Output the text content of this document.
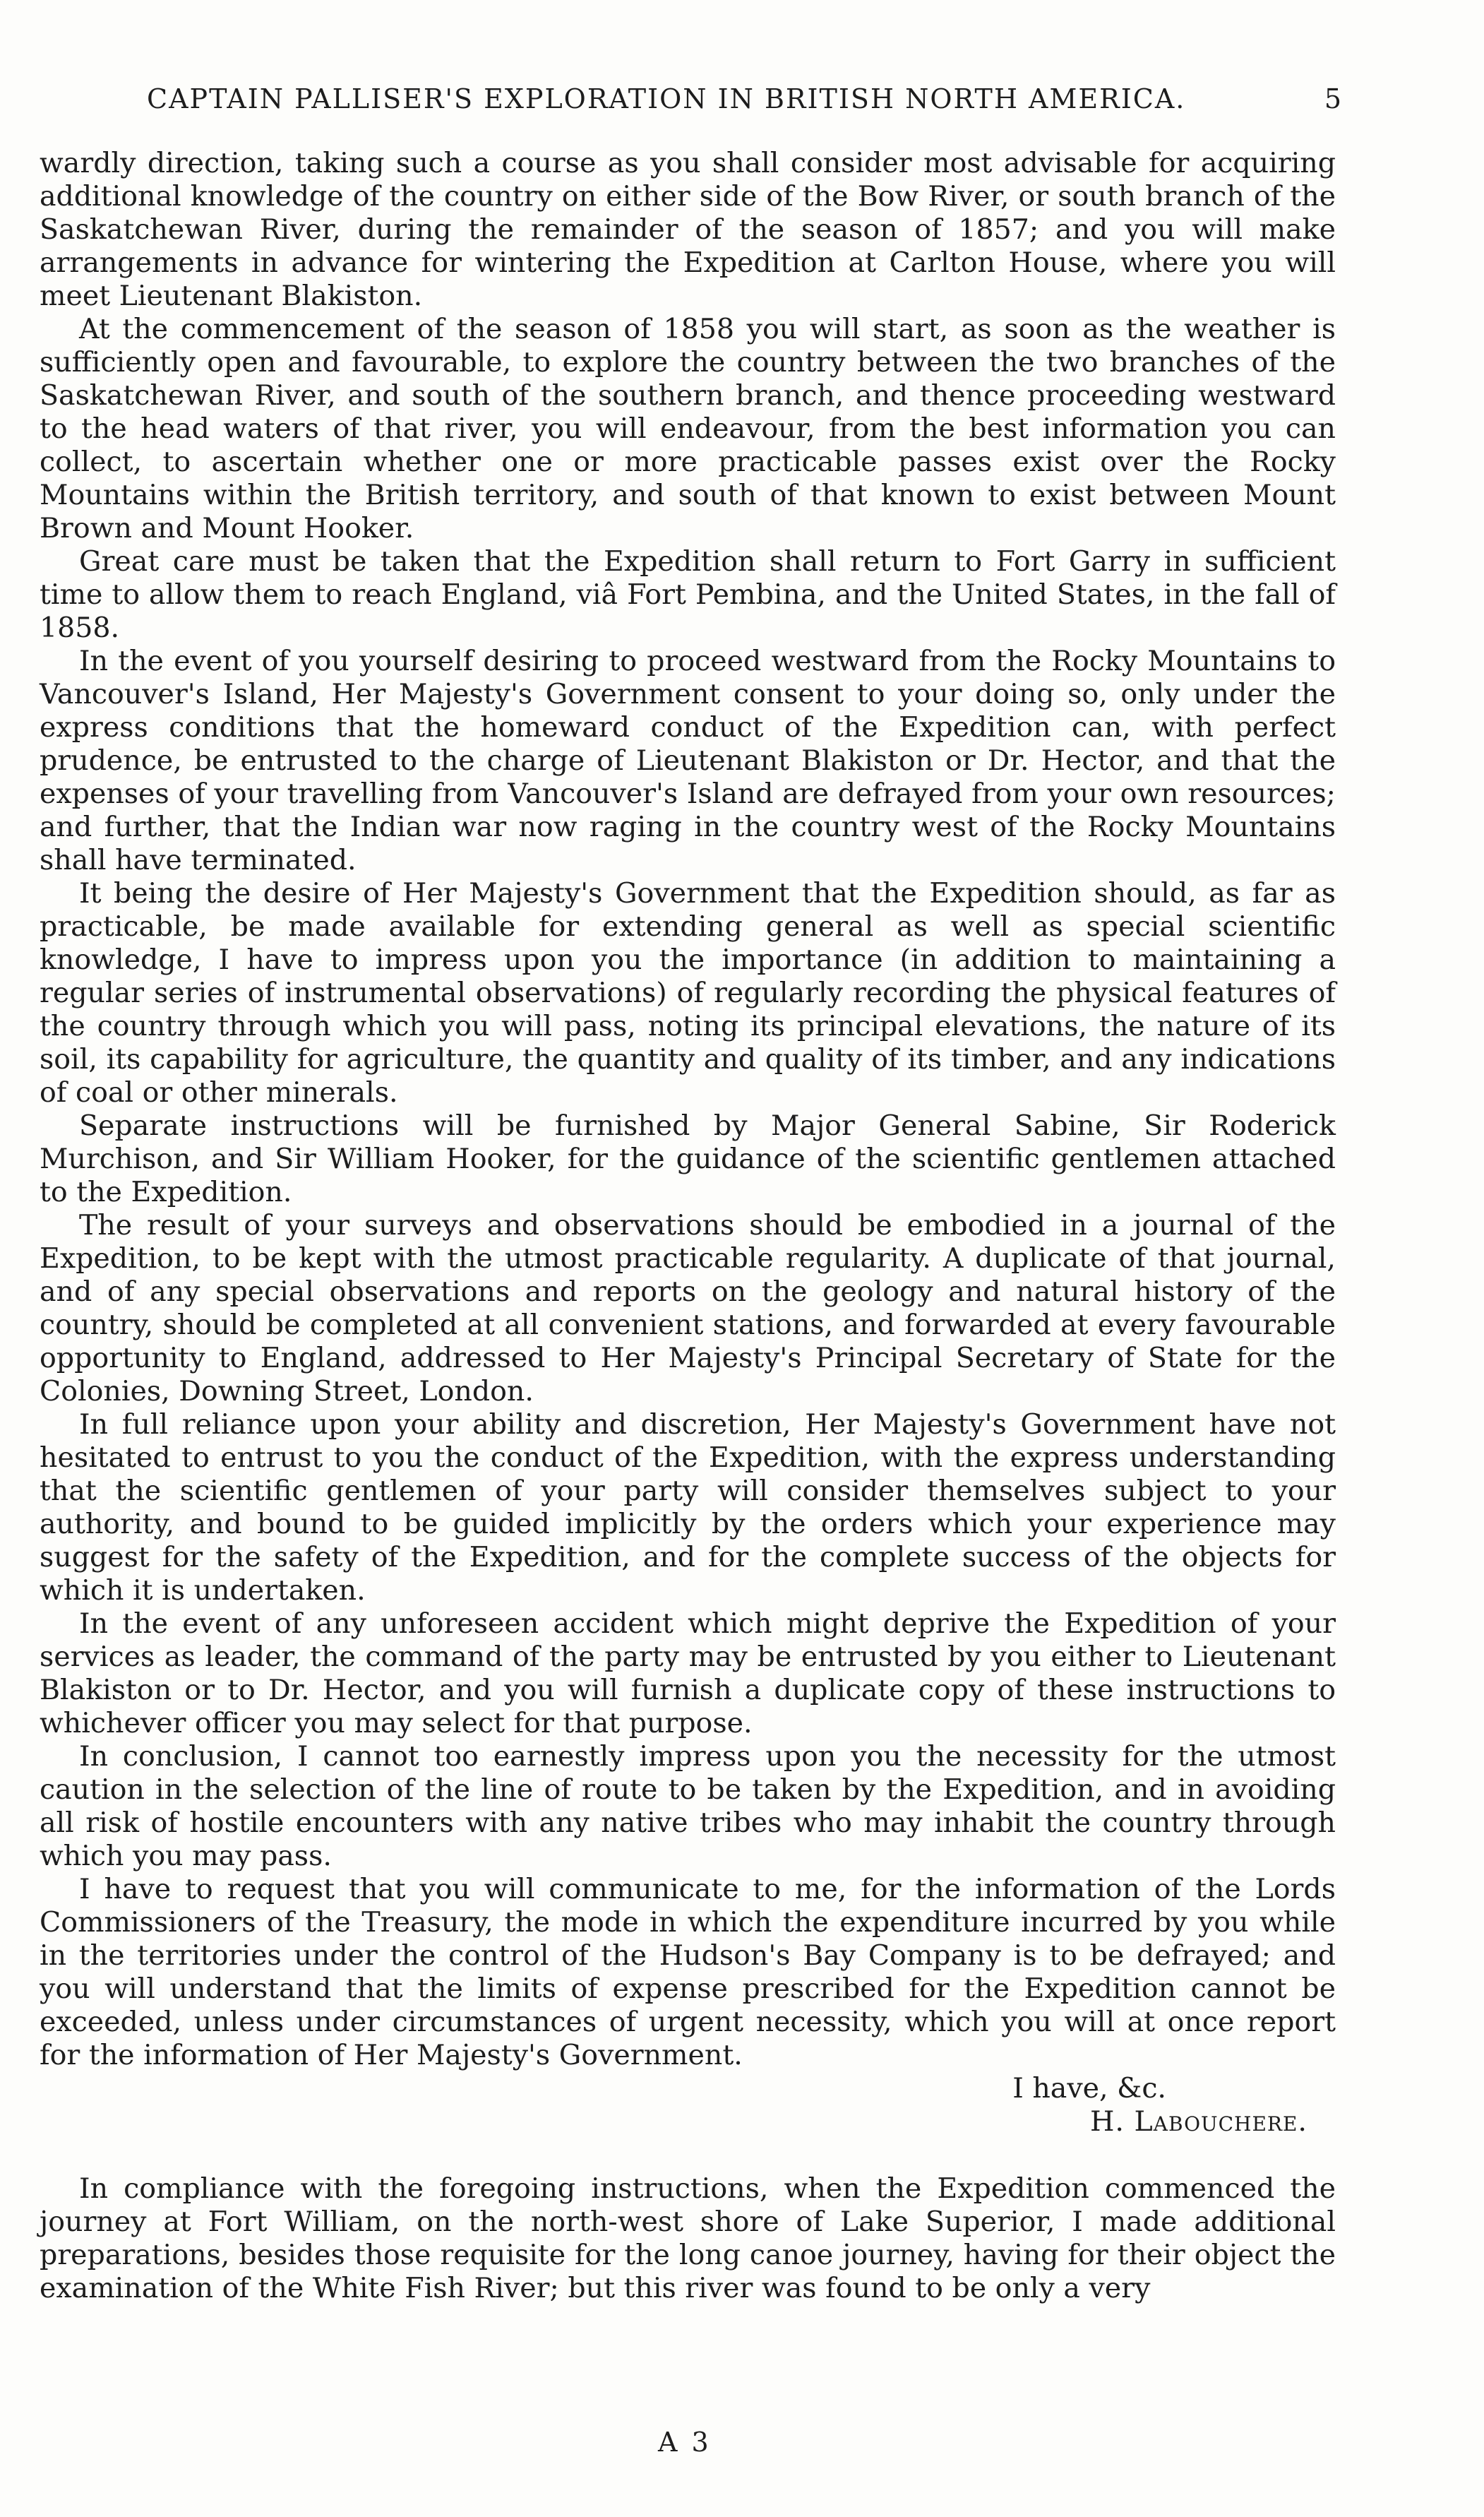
CAPTAIN PALLISER'S EXPLORATION IN BRITISH NORTH AMERICA.	5

wardly direction, taking such a course as you shall consider most advisable for acquiring additional knowledge of the country on either side of the Bow River, or south branch of the Saskatchewan River, during the remainder of the season of 1857; and you will make arrangements in advance for wintering the Expedition at Carlton House, where you will meet Lieutenant Blakiston.

At the commencement of the season of 1858 you will start, as soon as the weather is sufficiently open and favourable, to explore the country between the two branches of the Saskatchewan River, and south of the southern branch, and thence proceeding westward to the head waters of that river, you will endeavour, from the best information you can collect, to ascertain whether one or more practicable passes exist over the Rocky Mountains within the British territory, and south of that known to exist between Mount Brown and Mount Hooker.

Great care must be taken that the Expedition shall return to Fort Garry in sufficient time to allow them to reach England, viâ Fort Pembina, and the United States, in the fall of 1858.

In the event of you yourself desiring to proceed westward from the Rocky Mountains to Vancouver's Island, Her Majesty's Government consent to your doing so, only under the express conditions that the homeward conduct of the Expedition can, with perfect prudence, be entrusted to the charge of Lieutenant Blakiston or Dr. Hector, and that the expenses of your travelling from Vancouver's Island are defrayed from your own resources; and further, that the Indian war now raging in the country west of the Rocky Mountains shall have terminated.

It being the desire of Her Majesty's Government that the Expedition should, as far as practicable, be made available for extending general as well as special scientific knowledge, I have to impress upon you the importance (in addition to maintaining a regular series of instrumental observations) of regularly recording the physical features of the country through which you will pass, noting its principal elevations, the nature of its soil, its capability for agriculture, the quantity and quality of its timber, and any indications of coal or other minerals.

Separate instructions will be furnished by Major General Sabine, Sir Roderick Murchison, and Sir William Hooker, for the guidance of the scientific gentlemen attached to the Expedition.

The result of your surveys and observations should be embodied in a journal of the Expedition, to be kept with the utmost practicable regularity. A duplicate of that journal, and of any special observations and reports on the geology and natural history of the country, should be completed at all convenient stations, and forwarded at every favourable opportunity to England, addressed to Her Majesty's Principal Secretary of State for the Colonies, Downing Street, London.

In full reliance upon your ability and discretion, Her Majesty's Government have not hesitated to entrust to you the conduct of the Expedition, with the express understanding that the scientific gentlemen of your party will consider themselves subject to your authority, and bound to be guided implicitly by the orders which your experience may suggest for the safety of the Expedition, and for the complete success of the objects for which it is undertaken.

In the event of any unforeseen accident which might deprive the Expedition of your services as leader, the command of the party may be entrusted by you either to Lieutenant Blakiston or to Dr. Hector, and you will furnish a duplicate copy of these instructions to whichever officer you may select for that purpose.

In conclusion, I cannot too earnestly impress upon you the necessity for the utmost caution in the selection of the line of route to be taken by the Expedition, and in avoiding all risk of hostile encounters with any native tribes who may inhabit the country through which you may pass.

I have to request that you will communicate to me, for the information of the Lords Commissioners of the Treasury, the mode in which the expenditure incurred by you while in the territories under the control of the Hudson's Bay Company is to be defrayed; and you will understand that the limits of expense prescribed for the Expedition cannot be exceeded, unless under circumstances of urgent necessity, which you will at once report for the information of Her Majesty's Government.

I have, &c.
H. Labouchere.

In compliance with the foregoing instructions, when the Expedition commenced the journey at Fort William, on the north-west shore of Lake Superior, I made additional preparations, besides those requisite for the long canoe journey, having for their object the examination of the White Fish River; but this river was found to be only a very

A 3
